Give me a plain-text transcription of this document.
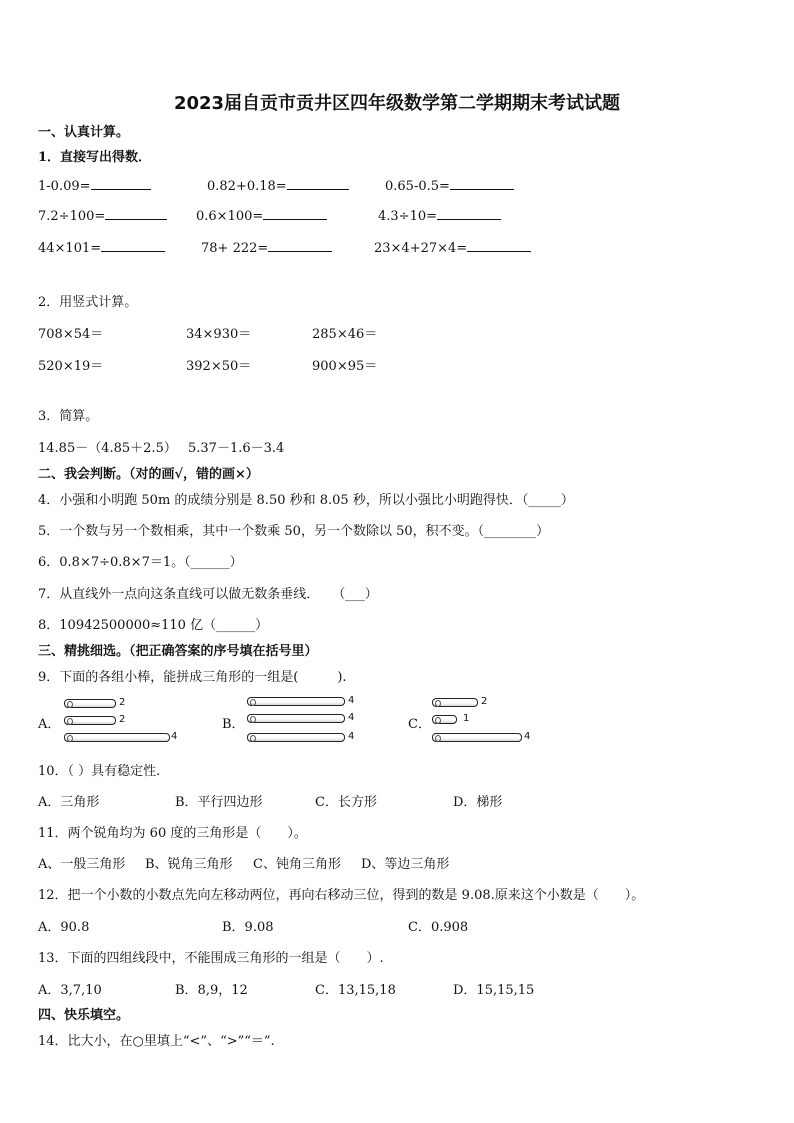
2023届自贡市贡井区四年级数学第二学期期末考试试题
一、认真计算。
1．直接写出得数．
1-0.09=	0.82+0.18=	0.65-0.5=
7.2÷100=	0.6×100=	4.3÷10=
44×101=	78+ 222=	23×4+27×4=
2．用竖式计算。
708×54＝	34×930＝	285×46＝
520×19＝	392×50＝	900×95＝
3．简算。
14.85－（4.85＋2.5） 5.37－1.6－3.4
二、我会判断。（对的画√，错的画×）
4．小强和小明跑 50m 的成绩分别是 8.50 秒和 8.05 秒，所以小强比小明跑得快．（_____）
5．一个数与另一个数相乘，其中一个数乘 50，另一个数除以 50，积不变。（________）
6．0.8×7÷0.8×7＝1。（______）
7．从直线外一点向这条直线可以做无数条垂线．　　（___）
8．10942500000≈110 亿（______）
三、精挑细选。（把正确答案的序号填在括号里）
9．下面的各组小棒，能拼成三角形的一组是(　　　).
A．
2
2
4
B．
4
4
4
C．
2
1
4
10．（ ）具有稳定性.
A．三角形	B．平行四边形	C．长方形	D．梯形
11．两个锐角均为 60 度的三角形是（　　）。
A、一般三角形 B、锐角三角形 C、钝角三角形 D、等边三角形
12．把一个小数的小数点先向左移动两位，再向右移动三位，得到的数是 9.08.原来这个小数是（　　）。
A．90.8	B．9.08	C．0.908
13．下面的四组线段中，不能围成三角形的一组是（　　）.
A．3,7,10	B．8,9，12	C．13,15,18	D．15,15,15
四、快乐填空。
14．比大小，在○里填上“<”、“>”“＝”.
